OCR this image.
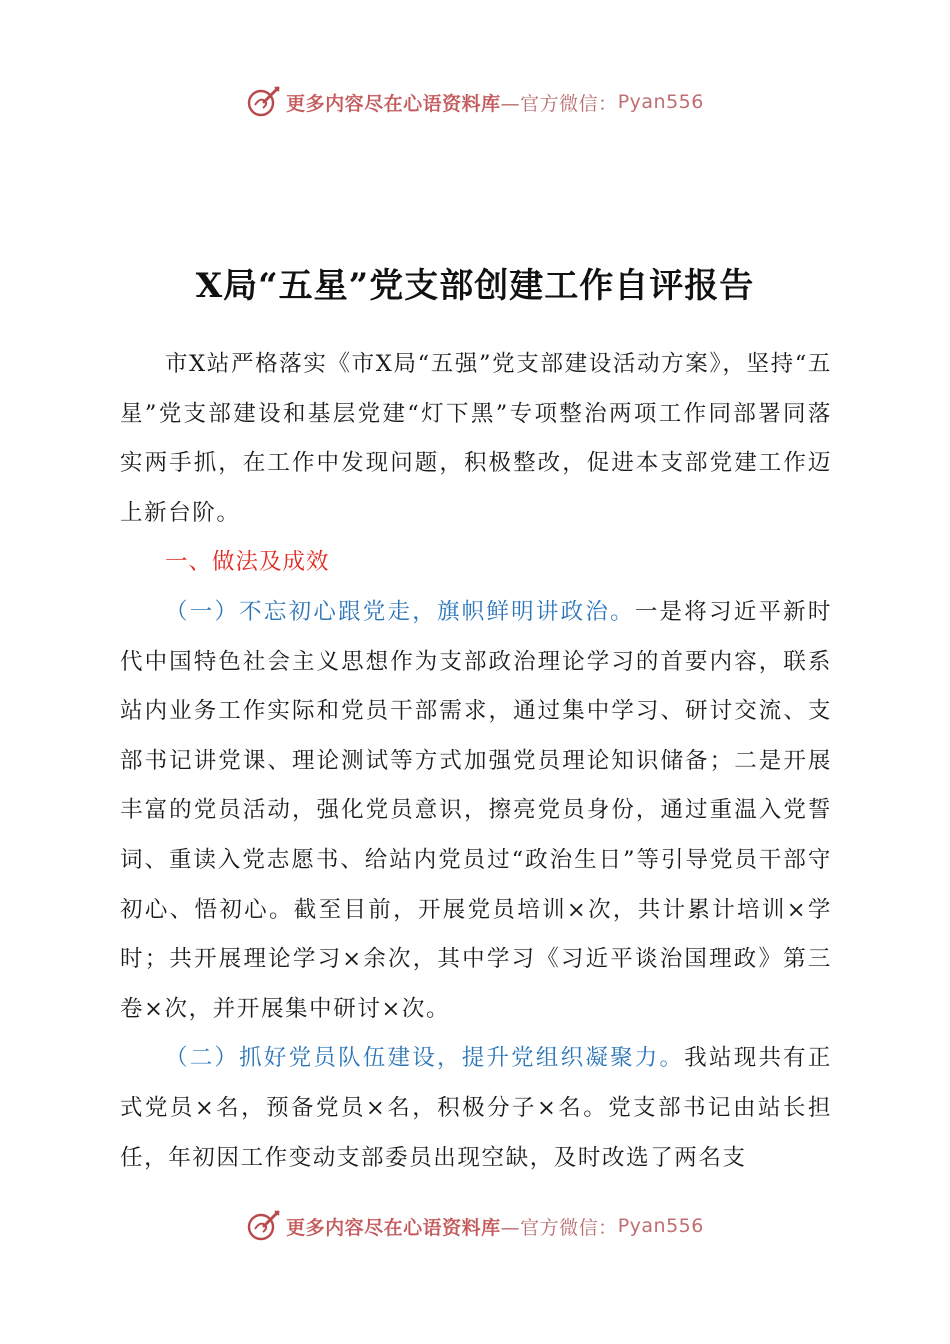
更多内容尽在心语资料库 —官方微信： Pyan556
X局“五星”党支部创建工作自评报告

市X站严格落实《市X局“五强”党支部建设活动方案》，坚持“五星”党支部建设和基层党建“灯下黑”专项整治两项工作同部署同落实两手抓，在工作中发现问题，积极整改，促进本支部党建工作迈上新台阶。

一、做法及成效

（一）不忘初心跟党走，旗帜鲜明讲政治。一是将习近平新时代中国特色社会主义思想作为支部政治理论学习的首要内容，联系站内业务工作实际和党员干部需求，通过集中学习、研讨交流、支部书记讲党课、理论测试等方式加强党员理论知识储备；二是开展丰富的党员活动，强化党员意识，擦亮党员身份，通过重温入党誓词、重读入党志愿书、给站内党员过“政治生日”等引导党员干部守初心、悟初心。截至目前，开展党员培训×次，共计累计培训×学时；共开展理论学习×余次，其中学习《习近平谈治国理政》第三卷×次，并开展集中研讨×次。

（二）抓好党员队伍建设，提升党组织凝聚力。我站现共有正式党员×名，预备党员×名，积极分子×名。党支部书记由站长担任，年初因工作变动支部委员出现空缺，及时改选了两名支

更多内容尽在心语资料库 —官方微信： Pyan556
